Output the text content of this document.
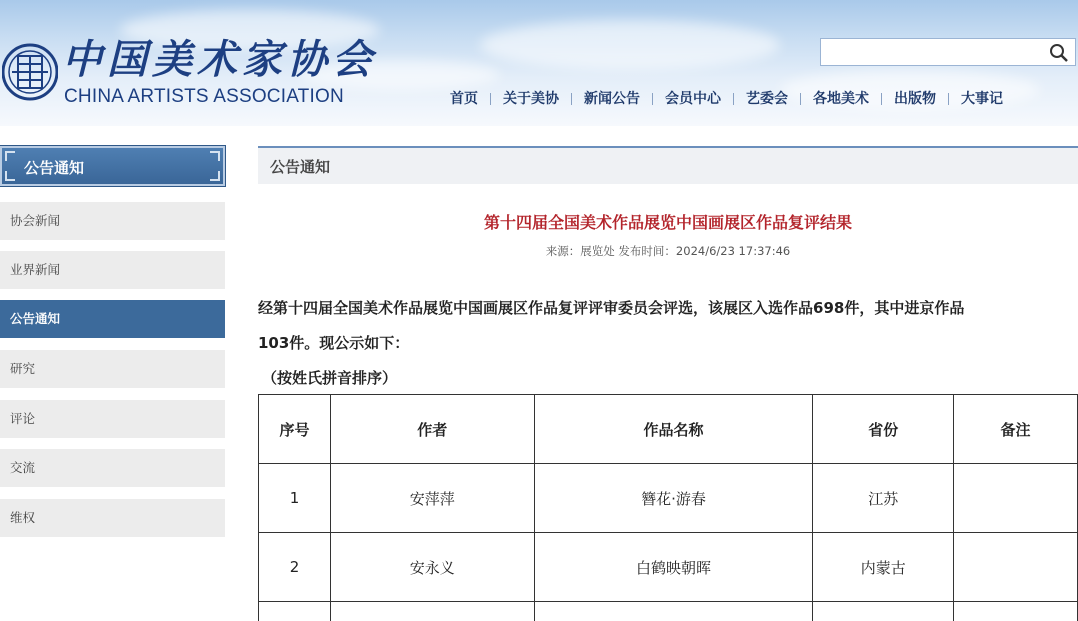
中国美术家协会
CHINA ARTISTS ASSOCIATION	首页	关于美协	新闻公告	会员中心	艺委会	各地美术	出版物	大事记
公告通知
协会新闻
业界新闻
公告通知
研究
评论
交流
维权
公告通知
第十四届全国美术作品展览中国画展区作品复评结果
来源：展览处 发布时间：2024/6/23 17:37:46
经第十四届全国美术作品展览中国画展区作品复评评审委员会评选，该展区入选作品698件，其中进京作品
103件。现公示如下：
（按姓氏拼音排序）
序号	作者	作品名称	省份	备注
1	安萍萍	簪花·游春	江苏	
2	安永义	白鹤映朝晖	内蒙古	
